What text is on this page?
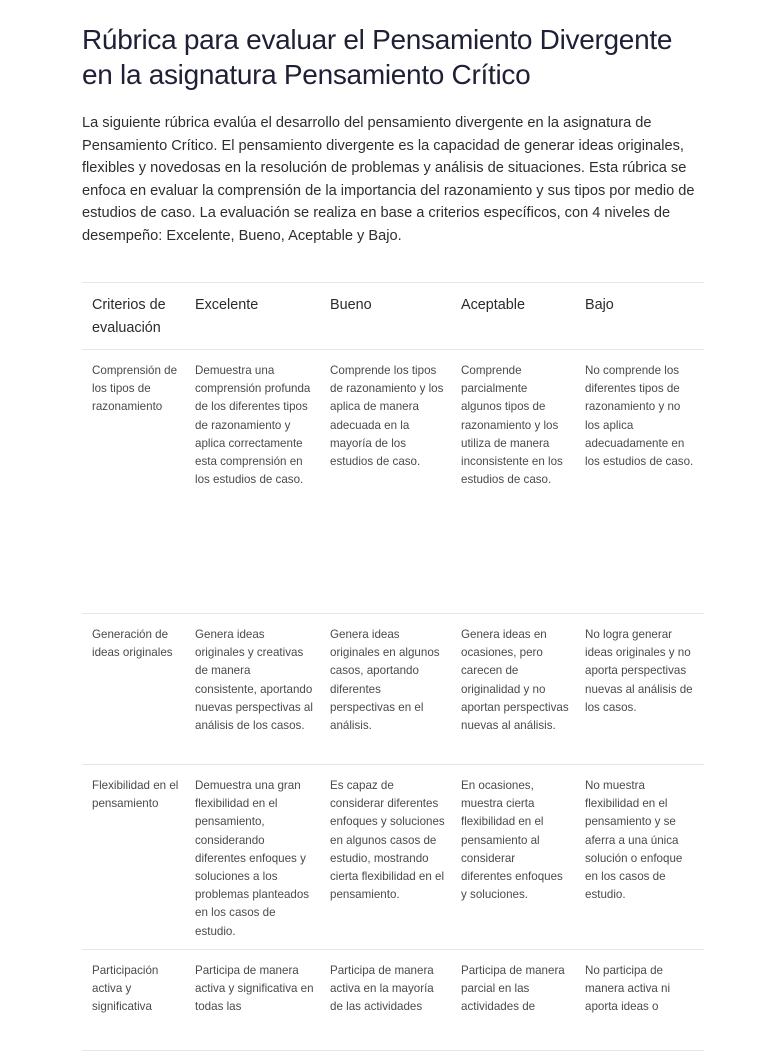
Rúbrica para evaluar el Pensamiento Divergente en la asignatura Pensamiento Crítico

La siguiente rúbrica evalúa el desarrollo del pensamiento divergente en la asignatura de Pensamiento Crítico. El pensamiento divergente es la capacidad de generar ideas originales, flexibles y novedosas en la resolución de problemas y análisis de situaciones. Esta rúbrica se enfoca en evaluar la comprensión de la importancia del razonamiento y sus tipos por medio de estudios de caso. La evaluación se realiza en base a criterios específicos, con 4 niveles de desempeño: Excelente, Bueno, Aceptable y Bajo.

Criterios de evaluación	Excelente	Bueno	Aceptable	Bajo
Comprensión de los tipos de razonamiento	Demuestra una comprensión profunda de los diferentes tipos de razonamiento y aplica correctamente esta comprensión en los estudios de caso.	Comprende los tipos de razonamiento y los aplica de manera adecuada en la mayoría de los estudios de caso.	Comprende parcialmente algunos tipos de razonamiento y los utiliza de manera inconsistente en los estudios de caso.	No comprende los diferentes tipos de razonamiento y no los aplica adecuadamente en los estudios de caso.
Generación de ideas originales	Genera ideas originales y creativas de manera consistente, aportando nuevas perspectivas al análisis de los casos.	Genera ideas originales en algunos casos, aportando diferentes perspectivas en el análisis.	Genera ideas en ocasiones, pero carecen de originalidad y no aportan perspectivas nuevas al análisis.	No logra generar ideas originales y no aporta perspectivas nuevas al análisis de los casos.
Flexibilidad en el pensamiento	Demuestra una gran flexibilidad en el pensamiento, considerando diferentes enfoques y soluciones a los problemas planteados en los casos de estudio.	Es capaz de considerar diferentes enfoques y soluciones en algunos casos de estudio, mostrando cierta flexibilidad en el pensamiento.	En ocasiones, muestra cierta flexibilidad en el pensamiento al considerar diferentes enfoques y soluciones.	No muestra flexibilidad en el pensamiento y se aferra a una única solución o enfoque en los casos de estudio.
Participación activa y significativa	Participa de manera activa y significativa en todas las	Participa de manera activa en la mayoría de las actividades	Participa de manera parcial en las actividades de	No participa de manera activa ni aporta ideas o
